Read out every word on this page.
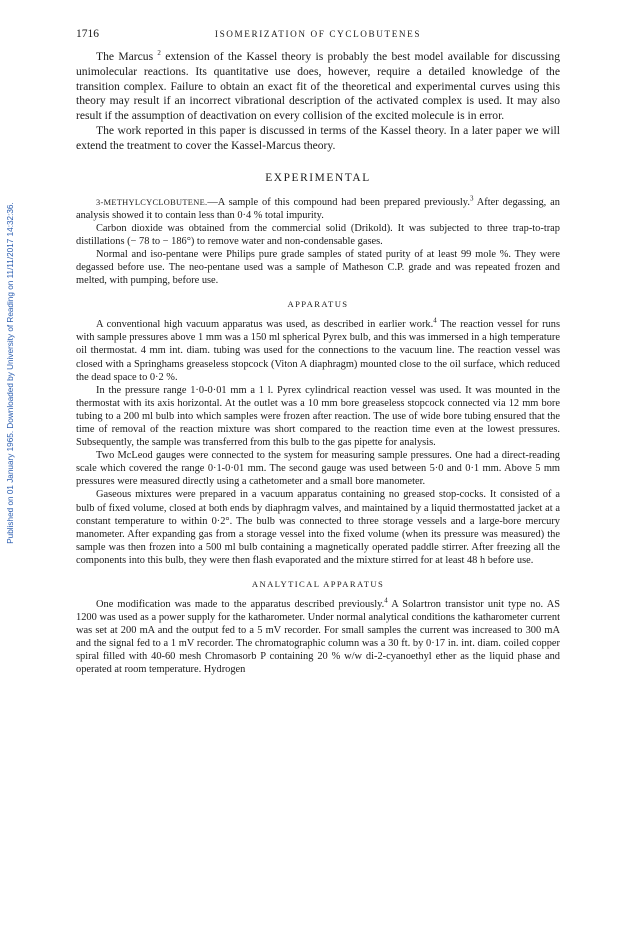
Published on 01 January 1965. Downloaded by University of Reading on 11/11/2017 14:32:36.
1716	ISOMERIZATION OF CYCLOBUTENES

The Marcus $^2$ extension of the Kassel theory is probably the best model available for discussing unimolecular reactions. Its quantitative use does, however, require a detailed knowledge of the transition complex. Failure to obtain an exact fit of the theoretical and experimental curves using this theory may result if an incorrect vibrational description of the activated complex is used. It may also result if the assumption of deactivation on every collision of the excited molecule is in error.

The work reported in this paper is discussed in terms of the Kassel theory. In a later paper we will extend the treatment to cover the Kassel-Marcus theory.

EXPERIMENTAL

3-METHYLCYCLOBUTENE.—A sample of this compound had been prepared previously.$^3$ After degassing, an analysis showed it to contain less than 0·4 % total impurity.

Carbon dioxide was obtained from the commercial solid (Drikold). It was subjected to three trap-to-trap distillations (− 78 to − 186°) to remove water and non-condensable gases.

Normal and iso-pentane were Philips pure grade samples of stated purity of at least 99 mole %. They were degassed before use. The neo-pentane used was a sample of Matheson C.P. grade and was repeated frozen and melted, with pumping, before use.

APPARATUS

A conventional high vacuum apparatus was used, as described in earlier work.$^4$ The reaction vessel for runs with sample pressures above 1 mm was a 150 ml spherical Pyrex bulb, and this was immersed in a high temperature oil thermostat. 4 mm int. diam. tubing was used for the connections to the vacuum line. The reaction vessel was closed with a Springhams greaseless stopcock (Viton A diaphragm) mounted close to the oil surface, which reduced the dead space to 0·2 %.

In the pressure range 1·0-0·01 mm a 1 l. Pyrex cylindrical reaction vessel was used. It was mounted in the thermostat with its axis horizontal. At the outlet was a 10 mm bore greaseless stopcock connected via 12 mm bore tubing to a 200 ml bulb into which samples were frozen after reaction. The use of wide bore tubing ensured that the time of removal of the reaction mixture was short compared to the reaction time even at the lowest pressures. Subsequently, the sample was transferred from this bulb to the gas pipette for analysis.

Two McLeod gauges were connected to the system for measuring sample pressures. One had a direct-reading scale which covered the range 0·1-0·01 mm. The second gauge was used between 5·0 and 0·1 mm. Above 5 mm pressures were measured directly using a cathetometer and a small bore manometer.

Gaseous mixtures were prepared in a vacuum apparatus containing no greased stop-cocks. It consisted of a bulb of fixed volume, closed at both ends by diaphragm valves, and maintained by a liquid thermostatted jacket at a constant temperature to within 0·2°. The bulb was connected to three storage vessels and a large-bore mercury manometer. After expanding gas from a storage vessel into the fixed volume (when its pressure was measured) the sample was then frozen into a 500 ml bulb containing a magnetically operated paddle stirrer. After freezing all the components into this bulb, they were then flash evaporated and the mixture stirred for at least 48 h before use.

ANALYTICAL APPARATUS

One modification was made to the apparatus described previously.$^4$ A Solartron transistor unit type no. AS 1200 was used as a power supply for the katharometer. Under normal analytical conditions the katharometer current was set at 200 mA and the output fed to a 5 mV recorder. For small samples the current was increased to 300 mA and the signal fed to a 1 mV recorder. The chromatographic column was a 30 ft. by 0·17 in. int. diam. coiled copper spiral filled with 40-60 mesh Chromasorb P containing 20 % w/w di-2-cyanoethyl ether as the liquid phase and operated at room temperature. Hydrogen
